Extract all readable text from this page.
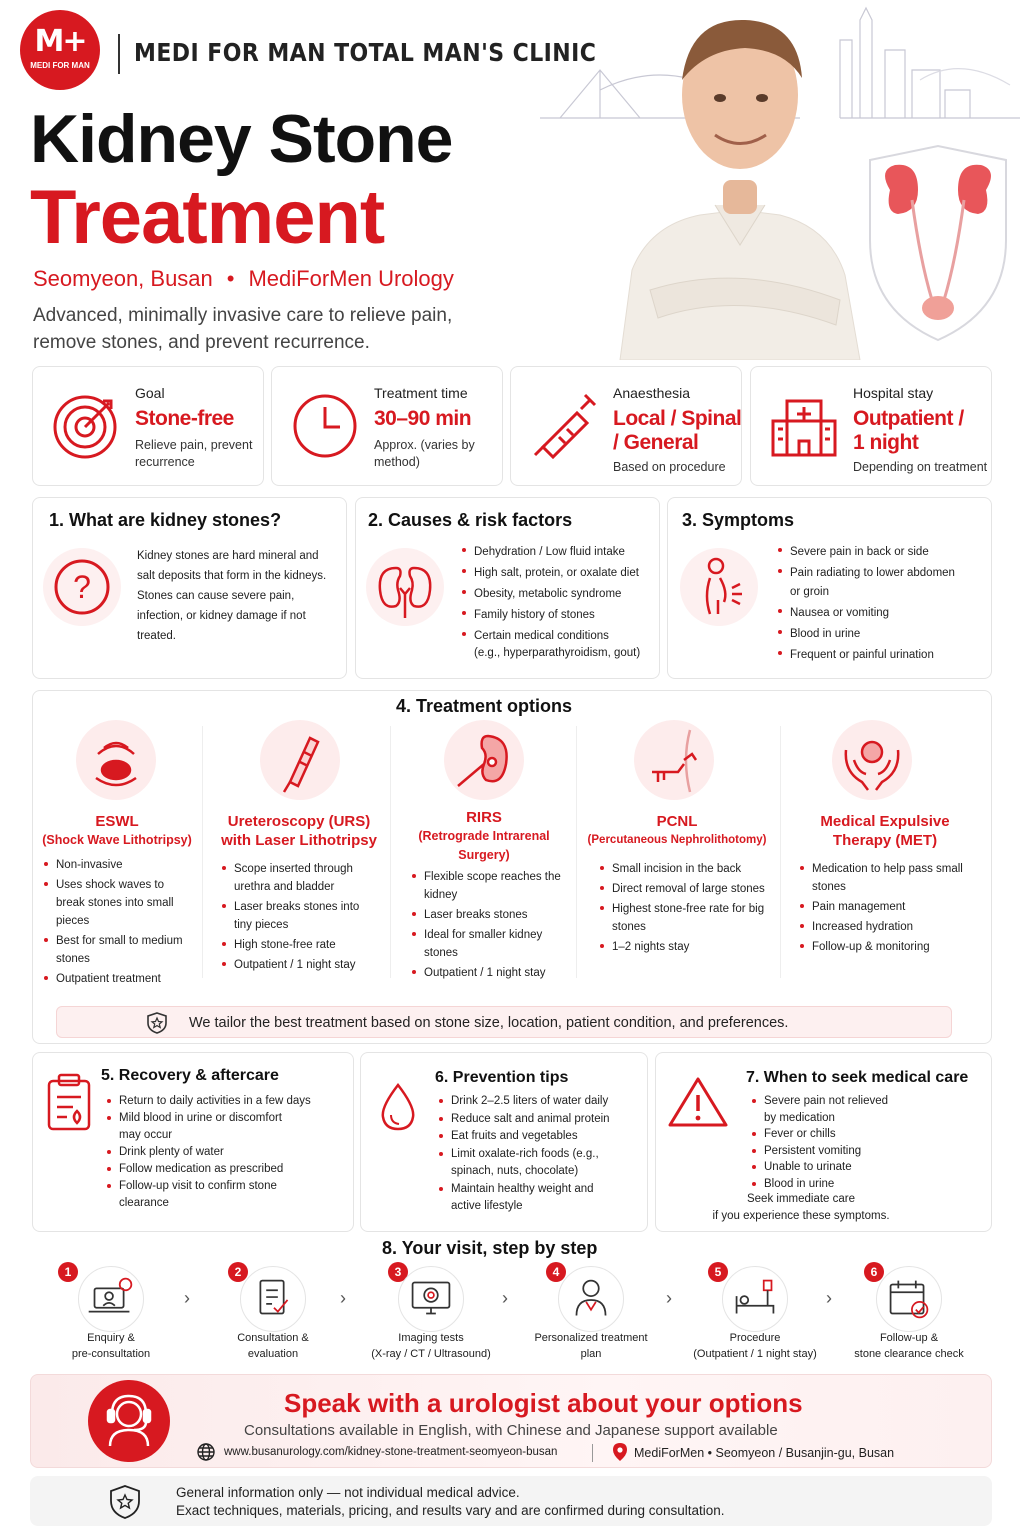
M+
MEDI FOR MAN	MEDI FOR MAN TOTAL MAN'S CLINIC
Kidney Stone
Treatment
Seomyeon, Busan • MediForMen Urology
Advanced, minimally invasive care to relieve pain, remove stones, and prevent recurrence.
Goal
Stone-free
Relieve pain, prevent recurrence
Treatment time
30–90 min
Approx. (varies by method)
Anaesthesia
Local / Spinal / General
Based on procedure
Hospital stay
Outpatient / 1 night
Depending on treatment
1. What are kidney stones?
?
Kidney stones are hard mineral and salt deposits that form in the kidneys. Stones can cause severe pain, infection, or kidney damage if not treated.
2. Causes & risk factors
Dehydration / Low fluid intake
High salt, protein, or oxalate diet
Obesity, metabolic syndrome
Family history of stones
Certain medical conditions
(e.g., hyperparathyroidism, gout)
3. Symptoms
Severe pain in back or side
Pain radiating to lower abdomen
or groin
Nausea or vomiting
Blood in urine
Frequent or painful urination
4. Treatment options
ESWL
(Shock Wave Lithotripsy)
Non-invasive
Uses shock waves to break stones into small pieces
Best for small to medium stones
Outpatient treatment
Ureteroscopy (URS)
with Laser Lithotripsy
Scope inserted through urethra and bladder
Laser breaks stones into tiny pieces
High stone-free rate
Outpatient / 1 night stay
RIRS
(Retrograde Intrarenal Surgery)
Flexible scope reaches the kidney
Laser breaks stones
Ideal for smaller kidney stones
Outpatient / 1 night stay
PCNL
(Percutaneous Nephrolithotomy)
Small incision in the back
Direct removal of large stones
Highest stone-free rate for big stones
1–2 nights stay
Medical Expulsive
Therapy (MET)
Medication to help pass small stones
Pain management
Increased hydration
Follow-up & monitoring
We tailor the best treatment based on stone size, location, patient condition, and preferences.
5. Recovery & aftercare
Return to daily activities in a few days
Mild blood in urine or discomfort may occur
Drink plenty of water
Follow medication as prescribed
Follow-up visit to confirm stone clearance
6. Prevention tips
Drink 2–2.5 liters of water daily
Reduce salt and animal protein
Eat fruits and vegetables
Limit oxalate-rich foods (e.g., spinach, nuts, chocolate)
Maintain healthy weight and active lifestyle
7. When to seek medical care
Severe pain not relieved by medication
Fever or chills
Persistent vomiting
Unable to urinate
Blood in urine
Seek immediate care
if you experience these symptoms.
8. Your visit, step by step
1
Enquiry &
pre-consultation
›
2
Consultation &
evaluation
›
3
Imaging tests
(X-ray / CT / Ultrasound)
›
4
Personalized treatment
plan
›
5
Procedure
(Outpatient / 1 night stay)
›
6
Follow-up &
stone clearance check
Speak with a urologist about your options
Consultations available in English, with Chinese and Japanese support available
www.busanurology.com/kidney-stone-treatment-seomyeon-busan	MediForMen • Seomyeon / Busanjin-gu, Busan
General information only — not individual medical advice.
Exact techniques, materials, pricing, and results vary and are confirmed during consultation.
